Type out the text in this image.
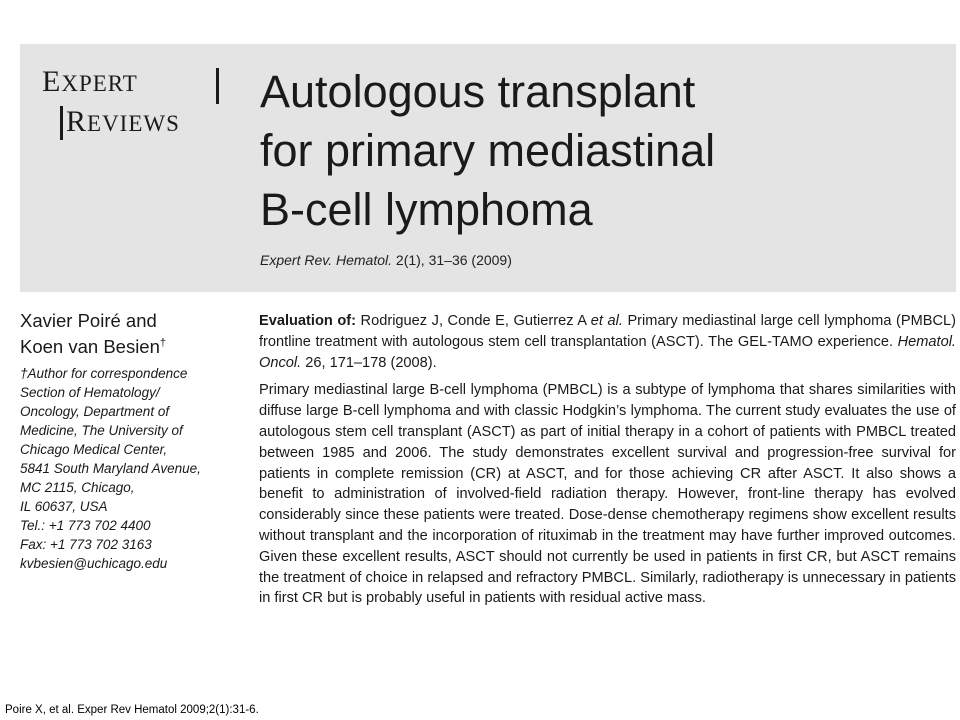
EXPERT
REVIEWS
Autologous transplant
for primary mediastinal
B-cell lymphoma
Expert Rev. Hematol. 2(1), 31–36 (2009)

Xavier Poiré and
Koen van Besien†

†Author for correspondence
Section of Hematology/
Oncology, Department of
Medicine, The University of
Chicago Medical Center,
5841 South Maryland Avenue,
MC 2115, Chicago,
IL 60637, USA
Tel.: +1 773 702 4400
Fax: +1 773 702 3163
kvbesien@uchicago.edu

Evaluation of: Rodriguez J, Conde E, Gutierrez A et al. Primary mediastinal large cell lymphoma (PMBCL) frontline treatment with autologous stem cell transplantation (ASCT). The GEL-TAMO experience. Hematol. Oncol. 26, 171–178 (2008).

Primary mediastinal large B-cell lymphoma (PMBCL) is a subtype of lymphoma that shares similarities with diffuse large B-cell lymphoma and with classic Hodgkin’s lymphoma. The current study evaluates the use of autologous stem cell transplant (ASCT) as part of initial therapy in a cohort of patients with PMBCL treated between 1985 and 2006. The study demonstrates excellent survival and progression-free survival for patients in complete remission (CR) at ASCT, and for those achieving CR after ASCT. It also shows a benefit to administration of involved-field radiation therapy. However, front-line therapy has evolved considerably since these patients were treated. Dose-dense chemotherapy regimens show excellent results without transplant and the incorporation of rituximab in the treatment may have further improved outcomes. Given these excellent results, ASCT should not currently be used in patients in first CR, but ASCT remains the treatment of choice in relapsed and refractory PMBCL. Similarly, radiotherapy is unnecessary in patients in first CR but is probably useful in patients with residual active mass.

Poire X, et al. Exper Rev Hematol 2009;2(1):31-6.
